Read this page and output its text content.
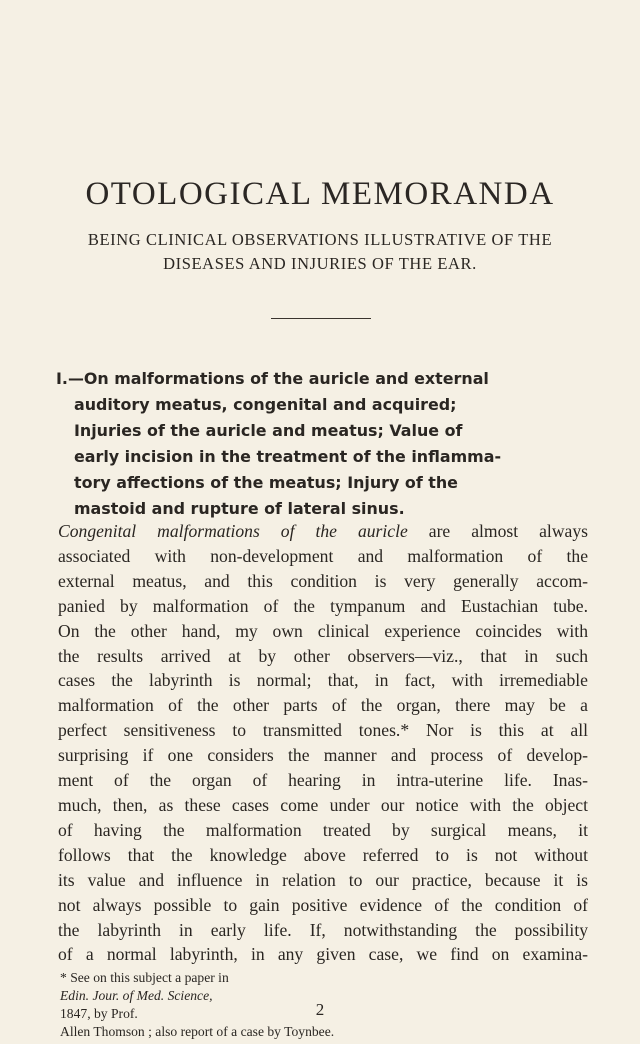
OTOLOGICAL MEMORANDA

BEING CLINICAL OBSERVATIONS ILLUSTRATIVE OF THE
DISEASES AND INJURIES OF THE EAR.

I.—On malformations of the auricle and external
auditory meatus, congenital and acquired;
Injuries of the auricle and meatus; Value of
early incision in the treatment of the inflamma-
tory affections of the meatus; Injury of the
mastoid and rupture of lateral sinus.
Congenital malformations of the auricle are almost always
associated with non-development and malformation of the
external meatus, and this condition is very generally accom-
panied by malformation of the tympanum and Eustachian tube.
On the other hand, my own clinical experience coincides with
the results arrived at by other observers—viz., that in such
cases the labyrinth is normal; that, in fact, with irremediable
malformation of the other parts of the organ, there may be a
perfect sensitiveness to transmitted tones.* Nor is this at all
surprising if one considers the manner and process of develop-
ment of the organ of hearing in intra-uterine life. Inas-
much, then, as these cases come under our notice with the object
of having the malformation treated by surgical means, it
follows that the knowledge above referred to is not without
its value and influence in relation to our practice, because it is
not always possible to gain positive evidence of the condition of
the labyrinth in early life. If, notwithstanding the possibility
of a normal labyrinth, in any given case, we find on examina-
* See on this subject a paper in
Edin. Jour. of Med. Science,
1847, by Prof.
Allen Thomson ; also report of a case by Toynbee.
2
